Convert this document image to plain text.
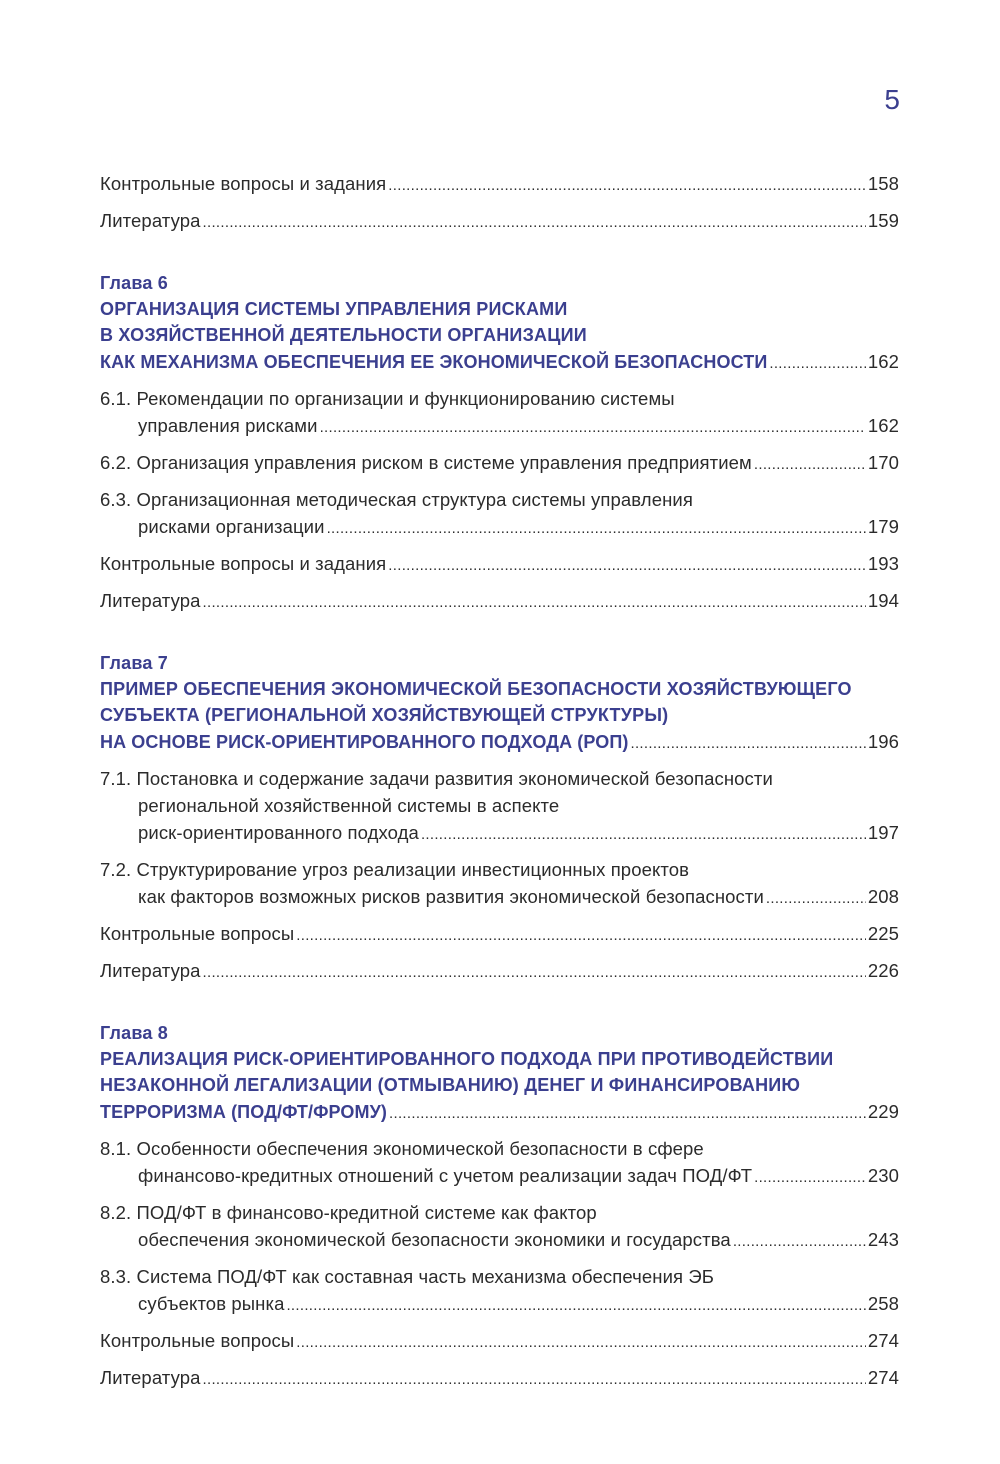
5
Контрольные вопросы и задания .....	158
Литература .....	159
Глава 6
ОРГАНИЗАЦИЯ СИСТЕМЫ УПРАВЛЕНИЯ РИСКАМИ
В ХОЗЯЙСТВЕННОЙ ДЕЯТЕЛЬНОСТИ ОРГАНИЗАЦИИ
КАК МЕХАНИЗМА ОБЕСПЕЧЕНИЯ ЕЕ ЭКОНОМИЧЕСКОЙ БЕЗОПАСНОСТИ .....	162
6.1. Рекомендации по организации и функционированию системы
управления рисками .....	162
6.2. Организация управления риском в системе управления предприятием .....	170
6.3. Организационная методическая структура системы управления
рисками организации .....	179
Контрольные вопросы и задания .....	193
Литература .....	194
Глава 7
ПРИМЕР ОБЕСПЕЧЕНИЯ ЭКОНОМИЧЕСКОЙ БЕЗОПАСНОСТИ ХОЗЯЙСТВУЮЩЕГО
СУБЪЕКТА (РЕГИОНАЛЬНОЙ ХОЗЯЙСТВУЮЩЕЙ СТРУКТУРЫ)
НА ОСНОВЕ РИСК-ОРИЕНТИРОВАННОГО ПОДХОДА (РОП) .....	196
7.1. Постановка и содержание задачи развития экономической безопасности
региональной хозяйственной системы в аспекте
риск-ориентированного подхода .....	197
7.2. Структурирование угроз реализации инвестиционных проектов
как факторов возможных рисков развития экономической безопасности .....	208
Контрольные вопросы .....	225
Литература .....	226
Глава 8
РЕАЛИЗАЦИЯ РИСК-ОРИЕНТИРОВАННОГО ПОДХОДА ПРИ ПРОТИВОДЕЙСТВИИ
НЕЗАКОННОЙ ЛЕГАЛИЗАЦИИ (ОТМЫВАНИЮ) ДЕНЕГ И ФИНАНСИРОВАНИЮ
ТЕРРОРИЗМА (ПОД/ФТ/ФРОМУ) .....	229
8.1. Особенности обеспечения экономической безопасности в сфере
финансово-кредитных отношений с учетом реализации задач ПОД/ФТ .....	230
8.2. ПОД/ФТ в финансово-кредитной системе как фактор
обеспечения экономической безопасности экономики и государства .....	243
8.3. Система ПОД/ФТ как составная часть механизма обеспечения ЭБ
субъектов рынка .....	258
Контрольные вопросы .....	274
Литература .....	274
